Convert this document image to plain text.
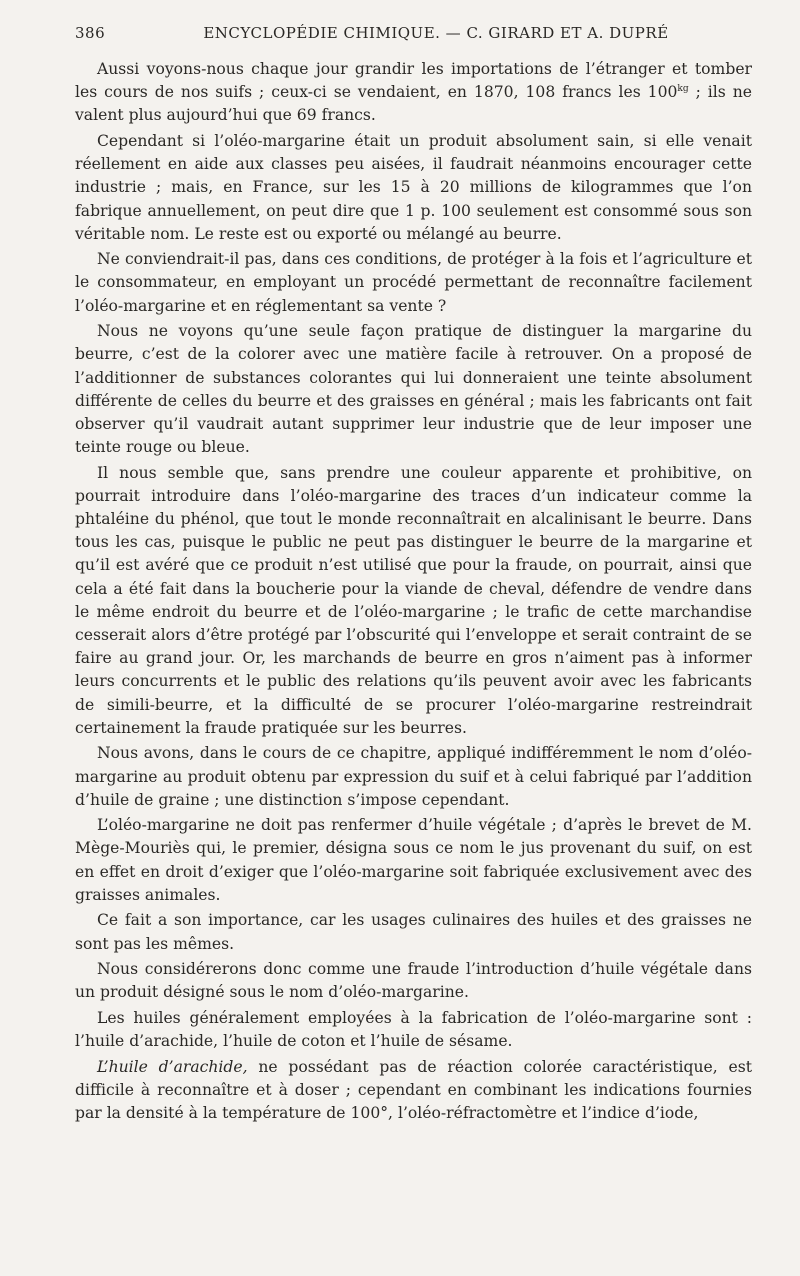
386	ENCYCLOPÉDIE CHIMIQUE. — C. GIRARD ET A. DUPRÉ

Aussi voyons-nous chaque jour grandir les importations de l’étranger et tomber les cours de nos suifs ; ceux-ci se vendaient, en 1870, 108 francs les $100^{kg}$ ; ils ne valent plus aujourd’hui que 69 francs.

Cependant si l’oléo-margarine était un produit absolument sain, si elle venait réellement en aide aux classes peu aisées, il faudrait néanmoins encourager cette industrie ; mais, en France, sur les 15 à 20 millions de kilogrammes que l’on fabrique annuellement, on peut dire que 1 p. 100 seulement est consommé sous son véritable nom. Le reste est ou exporté ou mélangé au beurre.

Ne conviendrait-il pas, dans ces conditions, de protéger à la fois et l’agriculture et le consommateur, en employant un procédé permettant de reconnaître facilement l’oléo-margarine et en réglementant sa vente ?

Nous ne voyons qu’une seule façon pratique de distinguer la margarine du beurre, c’est de la colorer avec une matière facile à retrouver. On a proposé de l’additionner de substances colorantes qui lui donneraient une teinte absolument différente de celles du beurre et des graisses en général ; mais les fabricants ont fait observer qu’il vaudrait autant supprimer leur industrie que de leur imposer une teinte rouge ou bleue.

Il nous semble que, sans prendre une couleur apparente et prohibitive, on pourrait introduire dans l’oléo-margarine des traces d’un indicateur comme la phtaléine du phénol, que tout le monde reconnaîtrait en alcalinisant le beurre. Dans tous les cas, puisque le public ne peut pas distinguer le beurre de la margarine et qu’il est avéré que ce produit n’est utilisé que pour la fraude, on pourrait, ainsi que cela a été fait dans la boucherie pour la viande de cheval, défendre de vendre dans le même endroit du beurre et de l’oléo-margarine ; le trafic de cette marchandise cesserait alors d’être protégé par l’obscurité qui l’enveloppe et serait contraint de se faire au grand jour. Or, les marchands de beurre en gros n’aiment pas à informer leurs concurrents et le public des relations qu’ils peuvent avoir avec les fabricants de simili-beurre, et la difficulté de se procurer l’oléo-margarine restreindrait certainement la fraude pratiquée sur les beurres.

Nous avons, dans le cours de ce chapitre, appliqué indifféremment le nom d’oléo-margarine au produit obtenu par expression du suif et à celui fabriqué par l’addition d’huile de graine ; une distinction s’impose cependant.

L’oléo-margarine ne doit pas renfermer d’huile végétale ; d’après le brevet de M. Mège-Mouriès qui, le premier, désigna sous ce nom le jus provenant du suif, on est en effet en droit d’exiger que l’oléo-margarine soit fabriquée exclusivement avec des graisses animales.

Ce fait a son importance, car les usages culinaires des huiles et des graisses ne sont pas les mêmes.

Nous considérerons donc comme une fraude l’introduction d’huile végétale dans un produit désigné sous le nom d’oléo-margarine.

Les huiles généralement employées à la fabrication de l’oléo-margarine sont : l’huile d’arachide, l’huile de coton et l’huile de sésame.

L’huile d’arachide, ne possédant pas de réaction colorée caractéristique, est difficile à reconnaître et à doser ; cependant en combinant les indications fournies par la densité à la température de 100°, l’oléo-réfractomètre et l’indice d’iode,
